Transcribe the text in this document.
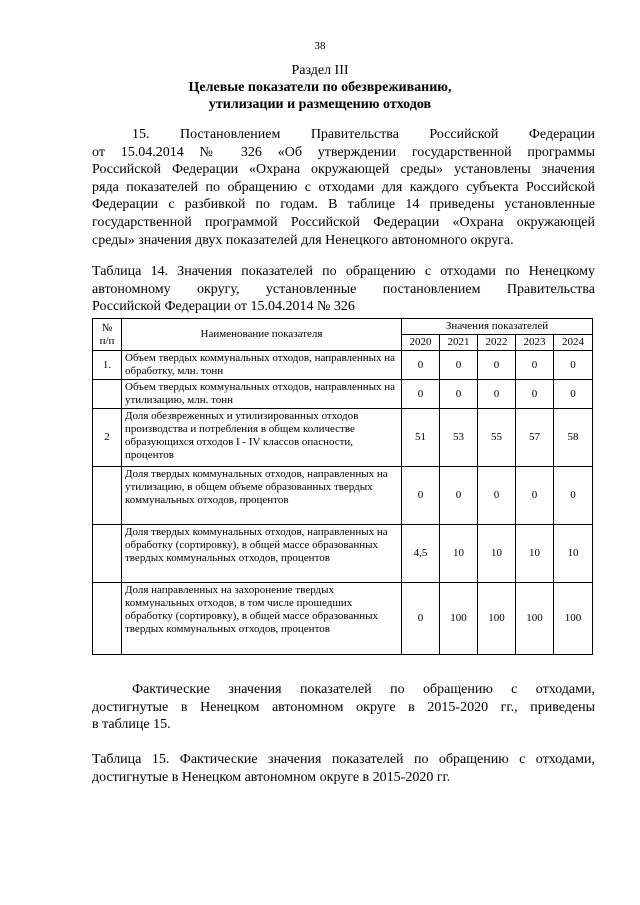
38
Раздел III
Целевые показатели по обезвреживанию,
утилизации и размещению отходов
15. Постановлением Правительства Российской Федерации
от 15.04.2014 № 326 «Об утверждении государственной программы
Российской Федерации «Охрана окружающей среды» установлены значения
ряда показателей по обращению с отходами для каждого субъекта Российской
Федерации с разбивкой по годам. В таблице 14 приведены установленные
государственной программой Российской Федерации «Охрана окружающей
среды» значения двух показателей для Ненецкого автономного округа.
Таблица 14. Значения показателей по обращению с отходами по Ненецкому
автономному округу, установленные постановлением Правительства
Российской Федерации от 15.04.2014 № 326
№ п/п	Наименование показателя	Значения показателей				
		2020	2021	2022	2023	2024
1.	Объем твердых коммунальных отходов, направленных на обработку, млн. тонн	0	0	0	0	0
	Объем твердых коммунальных отходов, направленных на утилизацию, млн. тонн	0	0	0	0	0
2	Доля обезвреженных и утилизированных отходов производства и потребления в общем количестве образующихся отходов I - IV классов опасности, процентов	51	53	55	57	58
	Доля твердых коммунальных отходов, направленных на утилизацию, в общем объеме образованных твердых коммунальных отходов, процентов	0	0	0	0	0
	Доля твердых коммунальных отходов, направленных на обработку (сортировку), в общей массе образованных твердых коммунальных отходов, процентов	4,5	10	10	10	10
	Доля направленных на захоронение твердых коммунальных отходов, в том числе прошедших обработку (сортировку), в общей массе образованных твердых коммунальных отходов, процентов	0	100	100	100	100
Фактические значения показателей по обращению с отходами,
достигнутые в Ненецком автономном округе в 2015-2020 гг., приведены
в таблице 15.
Таблица 15. Фактические значения показателей по обращению с отходами,
достигнутые в Ненецком автономном округе в 2015-2020 гг.
